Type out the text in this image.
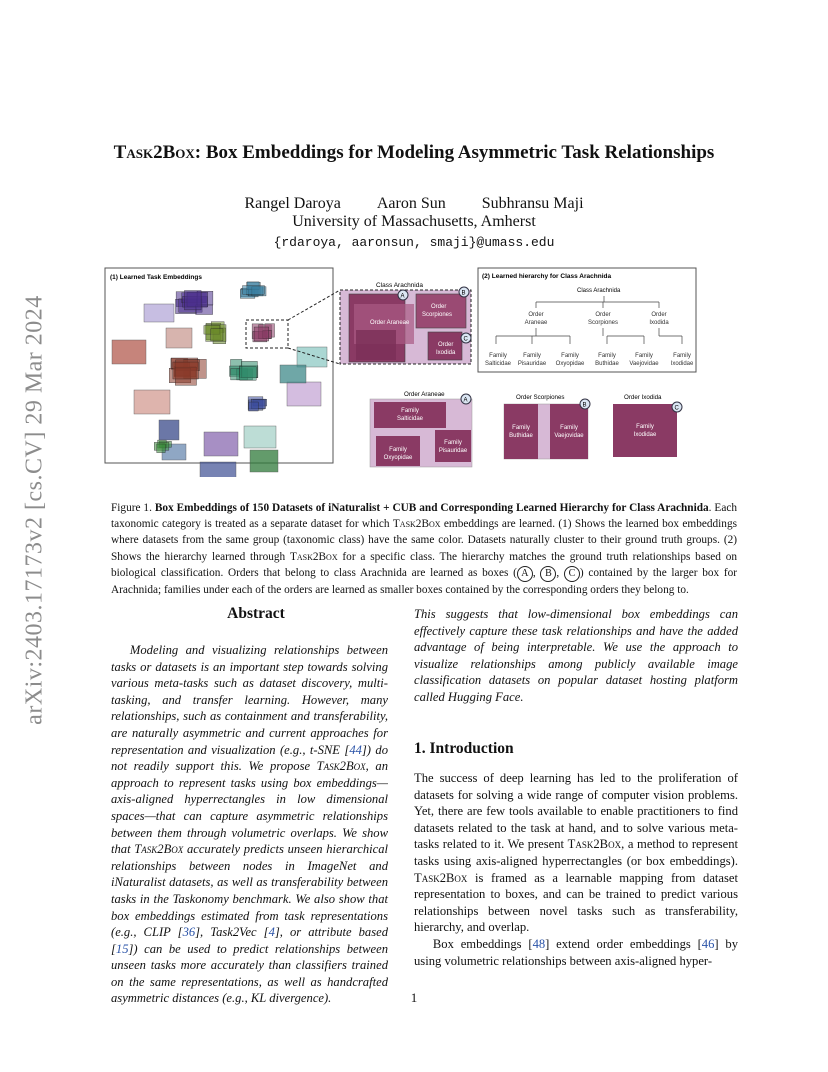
arXiv:2403.17173v2 [cs.CV] 29 Mar 2024
Task2Box: Box Embeddings for Modeling Asymmetric Task Relationships
Rangel Daroya Aaron Sun Subhransu Maji
University of Massachusetts, Amherst
{rdaroya, aaronsun, smaji}@umass.edu
(1) Learned Task Embeddings
Class Arachnida
Order Araneae
Order
Scorpiones
Order
Ixodida
A	B
C
(2) Learned hierarchy for Class Arachnida
Class Arachnida
Order
Araneae
Order
Scorpiones
Order
Ixodida
Family
Salticidae
Family
Pisauridae
Family
Oxyopidae
Family
Buthidae
Family
Vaejovidae
Family
Ixodidae
Order Araneae
Family
Salticidae
Family
Oxyopidae
Family
Pisauridae
A	Order Scorpiones
Family
Buthidae
Family
Vaejovidae
B
Order Ixodida
Family
Ixodidae
C
Figure 1. Box Embeddings of 150 Datasets of iNaturalist + CUB and Corresponding Learned Hierarchy for Class Arachnida. Each taxonomic category is treated as a separate dataset for which Task2Box embeddings are learned. (1) Shows the learned box embeddings where datasets from the same group (taxonomic class) have the same color. Datasets naturally cluster to their ground truth groups. (2) Shows the hierarchy learned through Task2Box for a specific class. The hierarchy matches the ground truth relationships based on biological classification. Orders that belong to class Arachnida are learned as boxes ( A , B , C ) contained by the larger box for Arachnida; families under each of the orders are learned as smaller boxes contained by the corresponding orders they belong to.
Abstract
Modeling and visualizing relationships between tasks or datasets is an important step towards solving various meta-tasks such as dataset discovery, multi-tasking, and transfer learning. However, many relationships, such as containment and transferability, are naturally asymmetric and current approaches for representation and visualization (e.g., t-SNE [44]) do not readily support this. We propose Task2Box, an approach to represent tasks using box embeddings—axis-aligned hyperrectangles in low dimensional spaces—that can capture asymmetric relationships between them through volumetric overlaps. We show that Task2Box accurately predicts unseen hierarchical relationships between nodes in ImageNet and iNaturalist datasets, as well as transferability between tasks in the Taskonomy benchmark. We also show that box embeddings estimated from task representations (e.g., CLIP [36], Task2Vec [4], or attribute based [15]) can be used to predict relationships between unseen tasks more accurately than classifiers trained on the same representations, as well as handcrafted asymmetric distances (e.g., KL divergence).
This suggests that low-dimensional box embeddings can effectively capture these task relationships and have the added advantage of being interpretable. We use the approach to visualize relationships among publicly available image classification datasets on popular dataset hosting platform called Hugging Face.
1. Introduction

The success of deep learning has led to the proliferation of datasets for solving a wide range of computer vision problems. Yet, there are few tools available to enable practitioners to find datasets related to the task at hand, and to solve various meta-tasks related to it. We present Task2Box, a method to represent tasks using axis-aligned hyperrectangles (or box embeddings). Task2Box is framed as a learnable mapping from dataset representation to boxes, and can be trained to predict various relationships between novel tasks such as transferability, hierarchy, and overlap.

Box embeddings [48] extend order embeddings [46] by using volumetric relationships between axis-aligned hyper-

1
